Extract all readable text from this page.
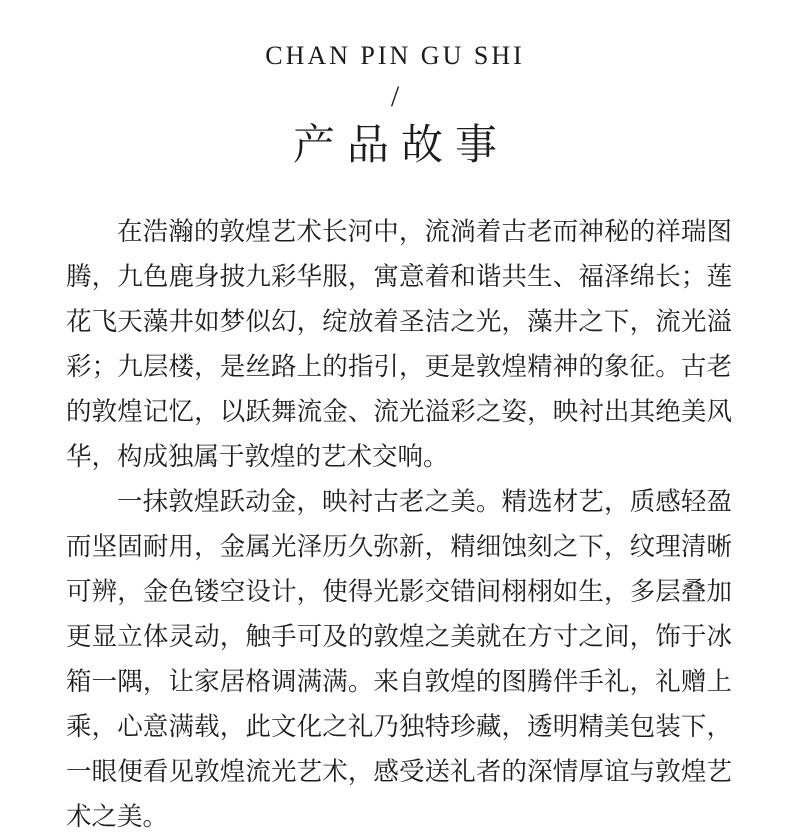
CHAN PIN GU SHI
/
产品故事

在浩瀚的敦煌艺术长河中，流淌着古老而神秘的祥瑞图腾，九色鹿身披九彩华服，寓意着和谐共生、福泽绵长；莲花飞天藻井如梦似幻，绽放着圣洁之光，藻井之下，流光溢彩；九层楼，是丝路上的指引，更是敦煌精神的象征。古老的敦煌记忆，以跃舞流金、流光溢彩之姿，映衬出其绝美风华，构成独属于敦煌的艺术交响。

一抹敦煌跃动金，映衬古老之美。精选材艺，质感轻盈而坚固耐用，金属光泽历久弥新，精细蚀刻之下，纹理清晰可辨，金色镂空设计，使得光影交错间栩栩如生，多层叠加更显立体灵动，触手可及的敦煌之美就在方寸之间，饰于冰箱一隅，让家居格调满满。来自敦煌的图腾伴手礼，礼赠上乘，心意满载，此文化之礼乃独特珍藏，透明精美包装下，一眼便看见敦煌流光艺术，感受送礼者的深情厚谊与敦煌艺术之美。
